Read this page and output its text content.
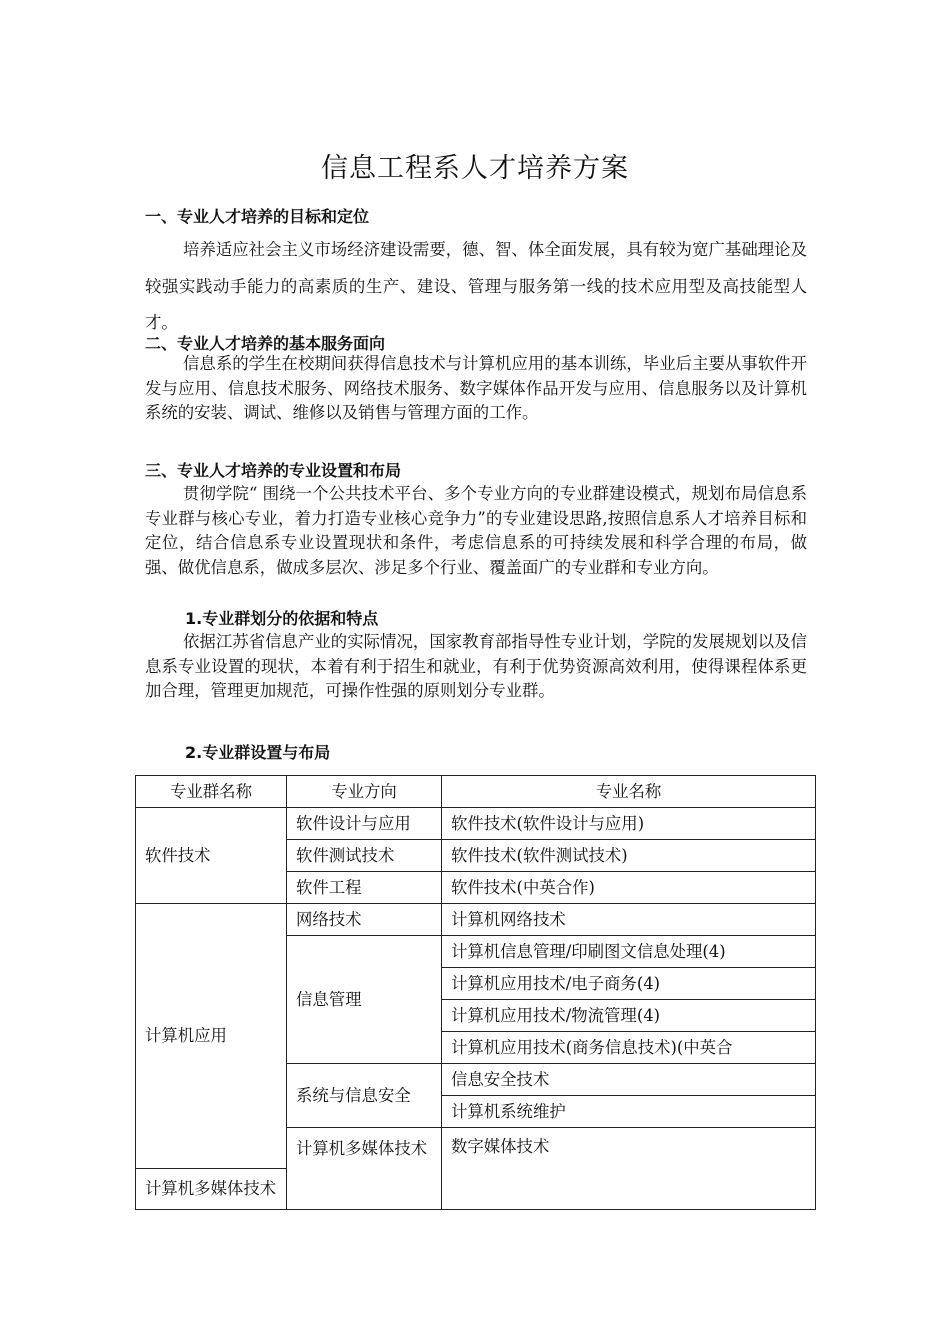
信息工程系人才培养方案
一、专业人才培养的目标和定位

培养适应社会主义市场经济建设需要，德、智、体全面发展，具有较为宽广基础理论及较强实践动手能力的高素质的生产、建设、管理与服务第一线的技术应用型及高技能型人才。

二、专业人才培养的基本服务面向

信息系的学生在校期间获得信息技术与计算机应用的基本训练，毕业后主要从事软件开发与应用、信息技术服务、网络技术服务、数字媒体作品开发与应用、信息服务以及计算机系统的安装、调试、维修以及销售与管理方面的工作。

三、专业人才培养的专业设置和布局

贯彻学院“ 围绕一个公共技术平台、多个专业方向的专业群建设模式，规划布局信息系专业群与核心专业，着力打造专业核心竞争力”的专业建设思路,按照信息系人才培养目标和定位，结合信息系专业设置现状和条件，考虑信息系的可持续发展和科学合理的布局，做强、做优信息系，做成多层次、涉足多个行业、覆盖面广的专业群和专业方向。

1.专业群划分的依据和特点

依据江苏省信息产业的实际情况，国家教育部指导性专业计划，学院的发展规划以及信息系专业设置的现状，本着有利于招生和就业，有利于优势资源高效利用，使得课程体系更加合理，管理更加规范，可操作性强的原则划分专业群。

2.专业群设置与布局
专业群名称	专业方向	专业名称	
软件技术	软件设计与应用	软件技术(软件设计与应用)	
	软件测试技术	软件技术(软件测试技术)	
	软件工程	软件技术(中英合作)	
计算机应用	网络技术	计算机网络技术	
	信息管理	计算机信息管理/印刷图文信息处理(4)	
		计算机应用技术/电子商务(4)	
		计算机应用技术/物流管理(4)	
		计算机应用技术(商务信息技术)(中英合	
	系统与信息安全	信息安全技术	
		计算机系统维护	
	计算机多媒体技术	数字媒体技术	
计算机多媒体技术			
